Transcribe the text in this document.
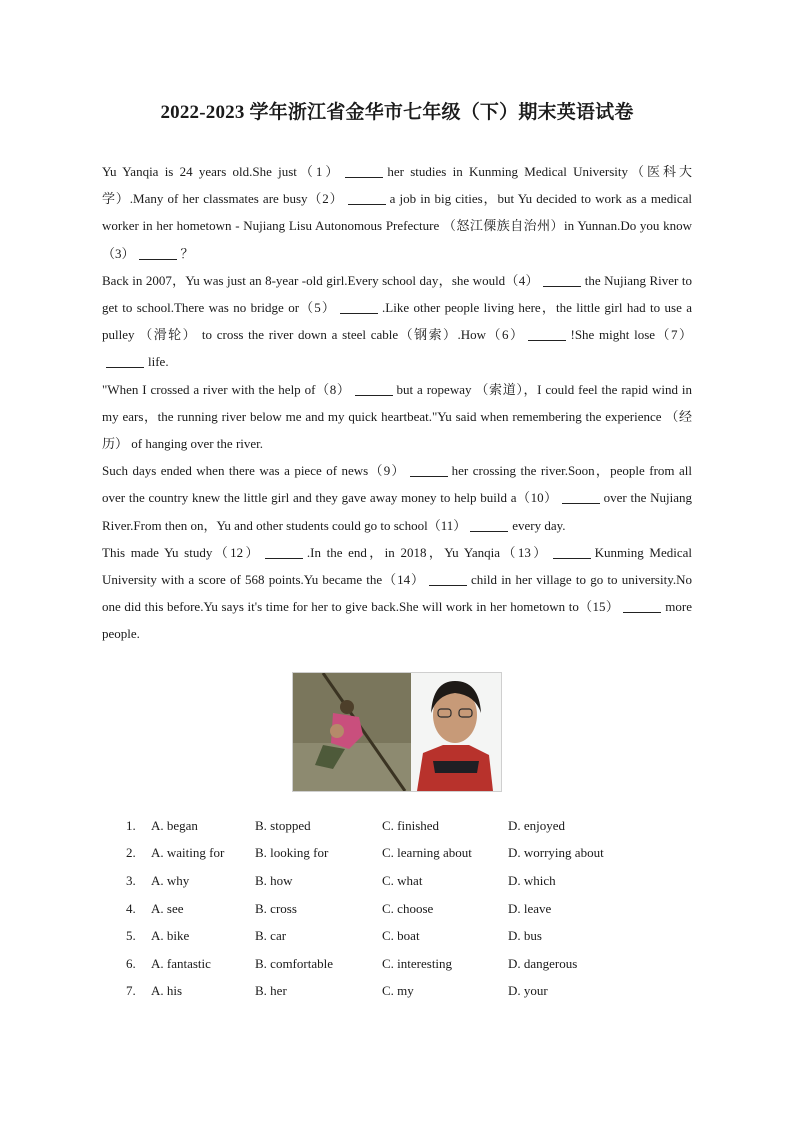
2022-2023 学年浙江省金华市七年级（下）期末英语试卷

Yu Yanqia is 24 years old.She just（1）	her studies in Kunming Medical University（医科大学）.Many of her classmates are busy（2）	a job in big cities，but Yu decided to work as a medical worker in her hometown - Nujiang Lisu Autonomous Prefecture （怒江傈族自治州）in Yunnan.Do you know（3）	？

Back in 2007，Yu was just an 8-year -old girl.Every school day，she would（4）	the Nujiang River to get to school.There was no bridge or（5）	.Like other people living here，the little girl had to use a pulley （滑轮） to cross the river down a steel cable（钢索）.How（6）	!She might lose（7）life.

"When I crossed a river with the help of（8）	but a ropeway （索道），I could feel the rapid wind in my ears，the running river below me and my quick heartbeat."Yu said when remembering the experience （经历） of hanging over the river.

Such days ended when there was a piece of news（9）	her crossing the river.Soon，people from all over the country knew the little girl and they gave away money to help build a（10）	over the Nujiang River.From then on，Yu and other students could go to school（11）	every day.

This made Yu study（12）	.In the end，in 2018，Yu Yanqia（13）	Kunming Medical University with a score of 568 points.Yu became the（14）	child in her village to go to university.No one did this before.Yu says it's time for her to give back.She will work in her hometown to（15）	more people.

1.	A. began	B. stopped	C. finished	D. enjoyed
2.	A. waiting for	B. looking for	C. learning about	D. worrying about
3.	A. why	B. how	C. what	D. which
4.	A. see	B. cross	C. choose	D. leave
5.	A. bike	B. car	C. boat	D. bus
6.	A. fantastic	B. comfortable	C. interesting	D. dangerous
7.	A. his	B. her	C. my	D. your
